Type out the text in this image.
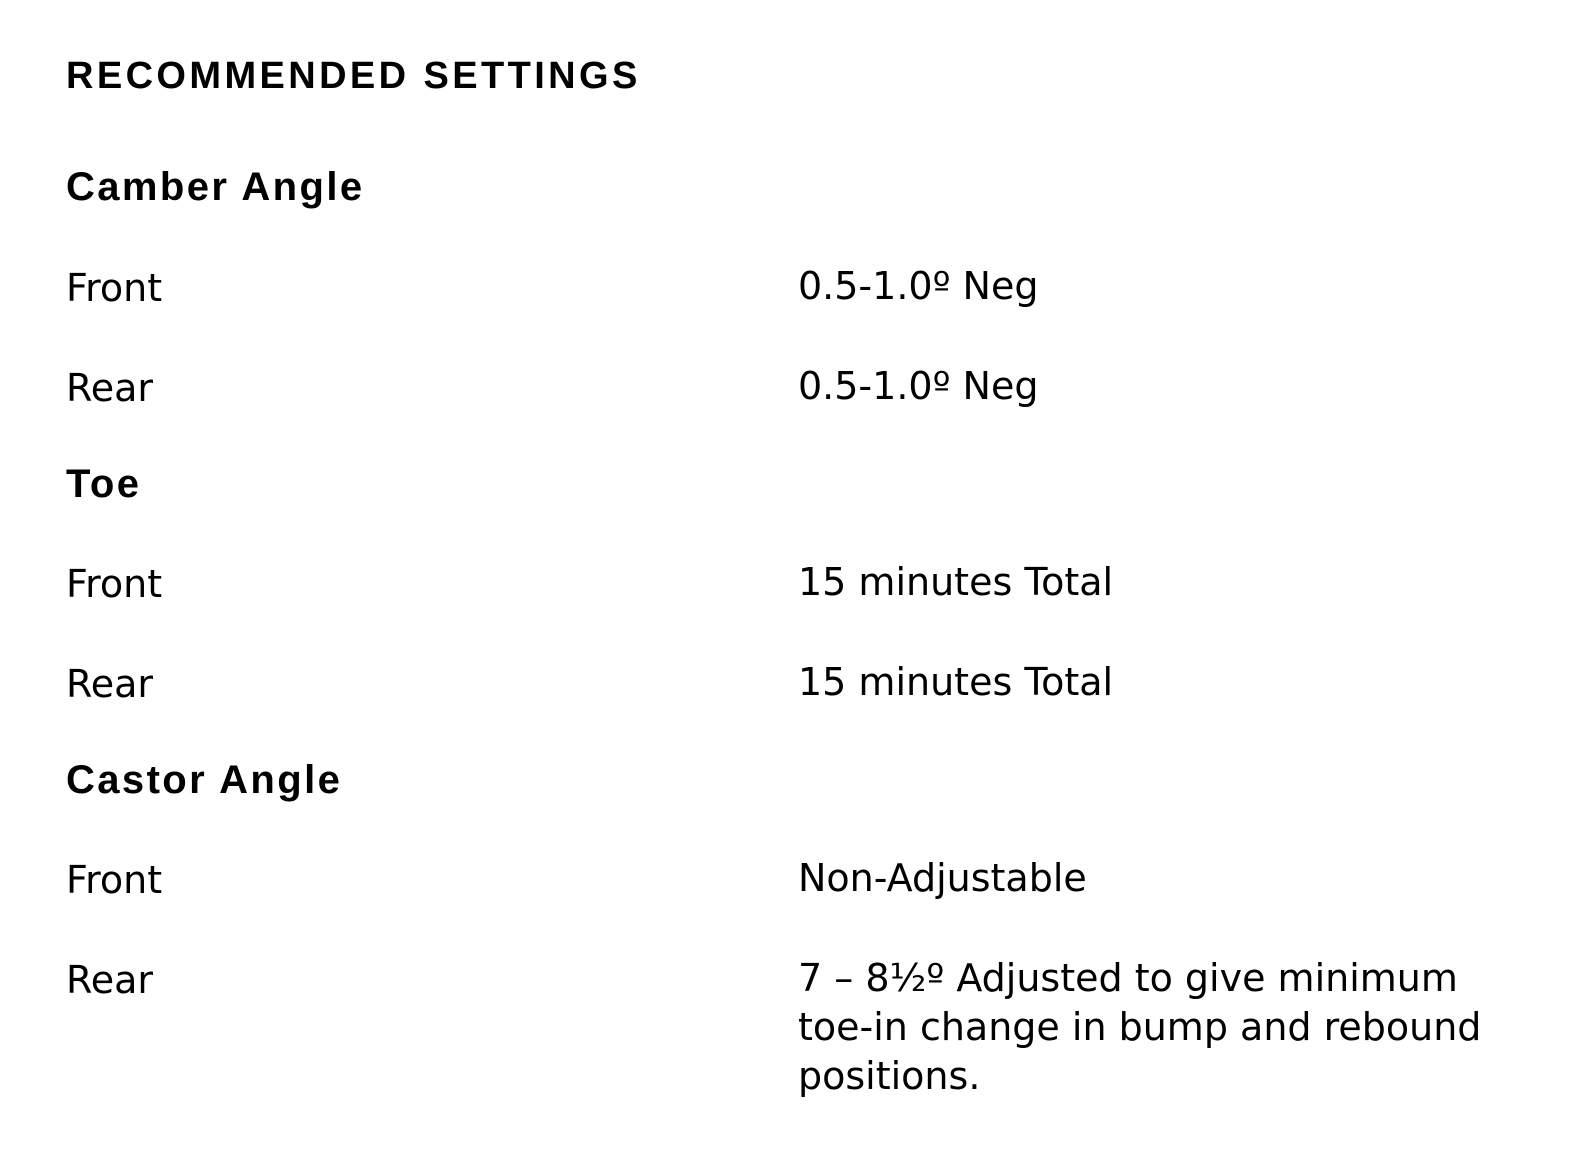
RECOMMENDED SETTINGS
Camber Angle
Front	0.5-1.0º Neg
Rear	0.5-1.0º Neg
Toe
Front	15 minutes Total
Rear	15 minutes Total
Castor Angle
Front	Non-Adjustable
Rear	7 – 8½º Adjusted to give minimum toe-in change in bump and rebound positions.
